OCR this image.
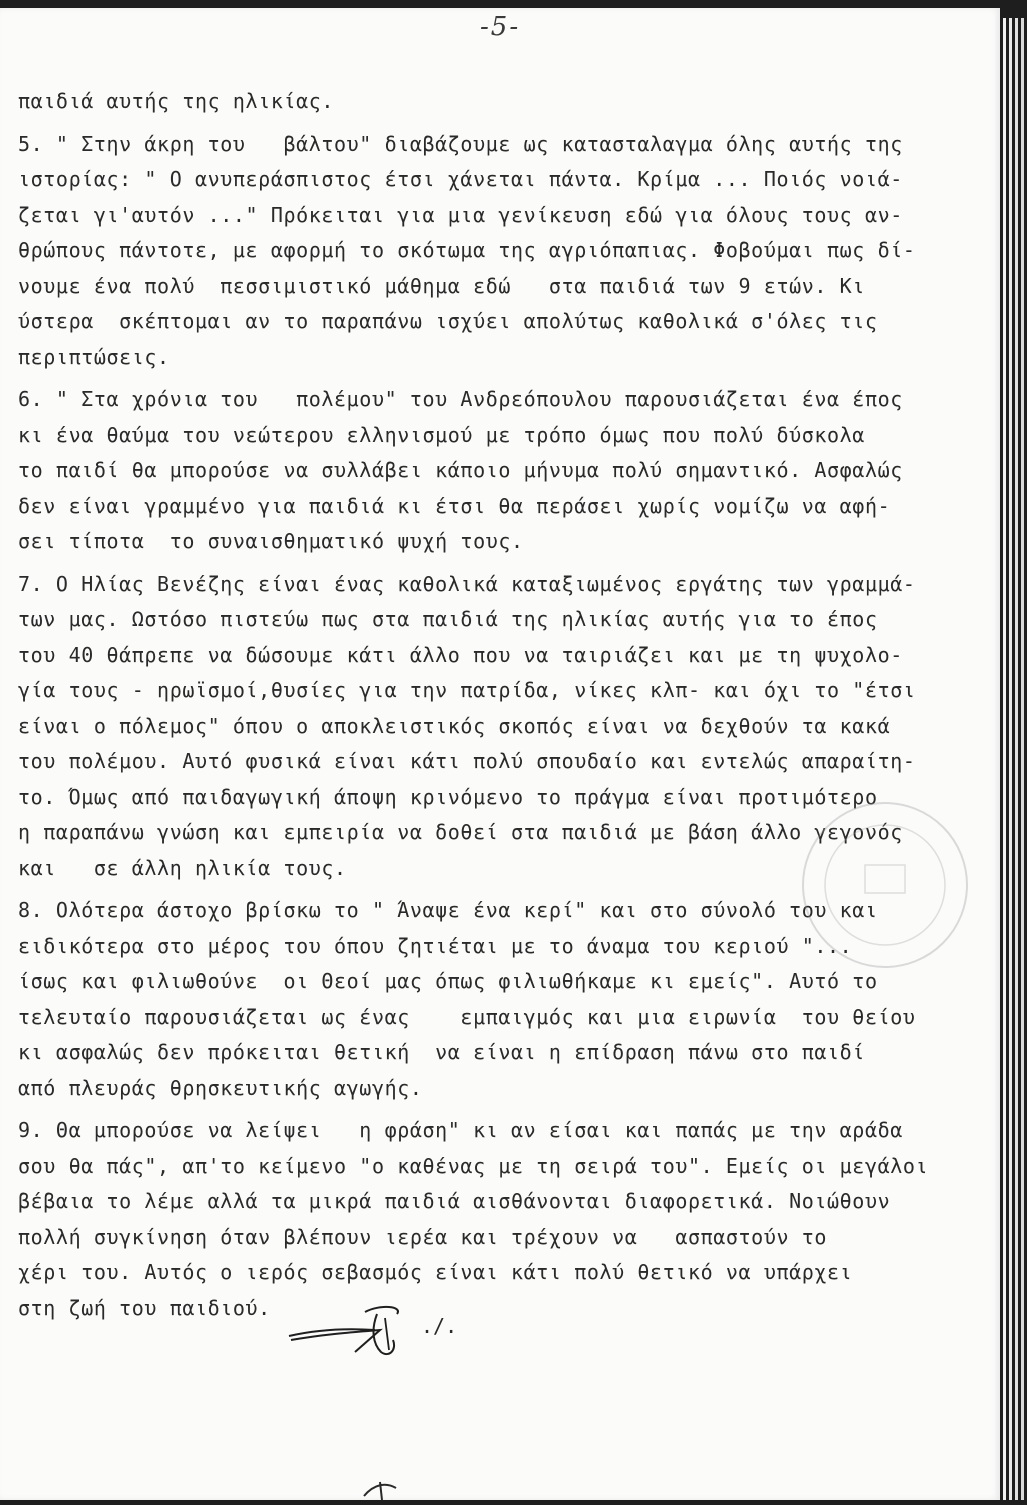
-5-

παιδιά αυτής της ηλικίας.

5. " Στην άκρη του   βάλτου" διαβάζουμε ως κατασταλαγμα όλης αυτής της
ιστορίας: " Ο ανυπεράσπιστος έτσι χάνεται πάντα. Κρίμα ... Ποιός νοιά-
ζεται γι'αυτόν ..." Πρόκειται για μια γενίκευση εδώ για όλους τους αν-
θρώπους πάντοτε, με αφορμή το σκότωμα της αγριόπαπιας. Φοβούμαι πως δί-
νουμε ένα πολύ  πεσσιμιστικό μάθημα εδώ   στα παιδιά των 9 ετών. Κι
ύστερα  σκέπτομαι αν το παραπάνω ισχύει απολύτως καθολικά σ'όλες τις
περιπτώσεις.

6. " Στα χρόνια του   πολέμου" του Ανδρεόπουλου παρουσιάζεται ένα έπος
κι ένα θαύμα του νεώτερου ελληνισμού με τρόπο όμως που πολύ δύσκολα
το παιδί θα μπορούσε να συλλάβει κάποιο μήνυμα πολύ σημαντικό. Ασφαλώς
δεν είναι γραμμένο για παιδιά κι έτσι θα περάσει χωρίς νομίζω να αφή-
σει τίποτα  το συναισθηματικό ψυχή τους.

7. Ο Ηλίας Βενέζης είναι ένας καθολικά καταξιωμένος εργάτης των γραμμά-
των μας. Ωστόσο πιστεύω πως στα παιδιά της ηλικίας αυτής για το έπος
του 40 θάπρεπε να δώσουμε κάτι άλλο που να ταιριάζει και με τη ψυχολο-
γία τους - ηρωϊσμοί,θυσίες για την πατρίδα, νίκες κλπ- και όχι το "έτσι
είναι ο πόλεμος" όπου ο αποκλειστικός σκοπός είναι να δεχθούν τα κακά
του πολέμου. Αυτό φυσικά είναι κάτι πολύ σπουδαίο και εντελώς απαραίτη-
το. Όμως από παιδαγωγική άποψη κρινόμενο το πράγμα είναι προτιμότερο
η παραπάνω γνώση και εμπειρία να δοθεί στα παιδιά με βάση άλλο γεγονός
και   σε άλλη ηλικία τους.

8. Ολότερα άστοχο βρίσκω το " Άναψε ένα κερί" και στο σύνολό του και
ειδικότερα στο μέρος του όπου ζητιέται με το άναμα του κεριού "...
ίσως και φιλιωθούνε  οι Θεοί μας όπως φιλιωθήκαμε κι εμείς". Αυτό το
τελευταίο παρουσιάζεται ως ένας    εμπαιγμός και μια ειρωνία  του θείου
κι ασφαλώς δεν πρόκειται θετική  να είναι η επίδραση πάνω στο παιδί
από πλευράς θρησκευτικής αγωγής.

9. Θα μπορούσε να λείψει   η φράση" κι αν είσαι και παπάς με την αράδα
σου θα πάς", απ'το κείμενο "ο καθένας με τη σειρά του". Εμείς οι μεγάλοι
βέβαια το λέμε αλλά τα μικρά παιδιά αισθάνονται διαφορετικά. Νοιώθουν
πολλή συγκίνηση όταν βλέπουν ιερέα και τρέχουν να   ασπαστούν το
χέρι του. Αυτός ο ιερός σεβασμός είναι κάτι πολύ θετικό να υπάρχει
στη ζωή του παιδιού.

./.
